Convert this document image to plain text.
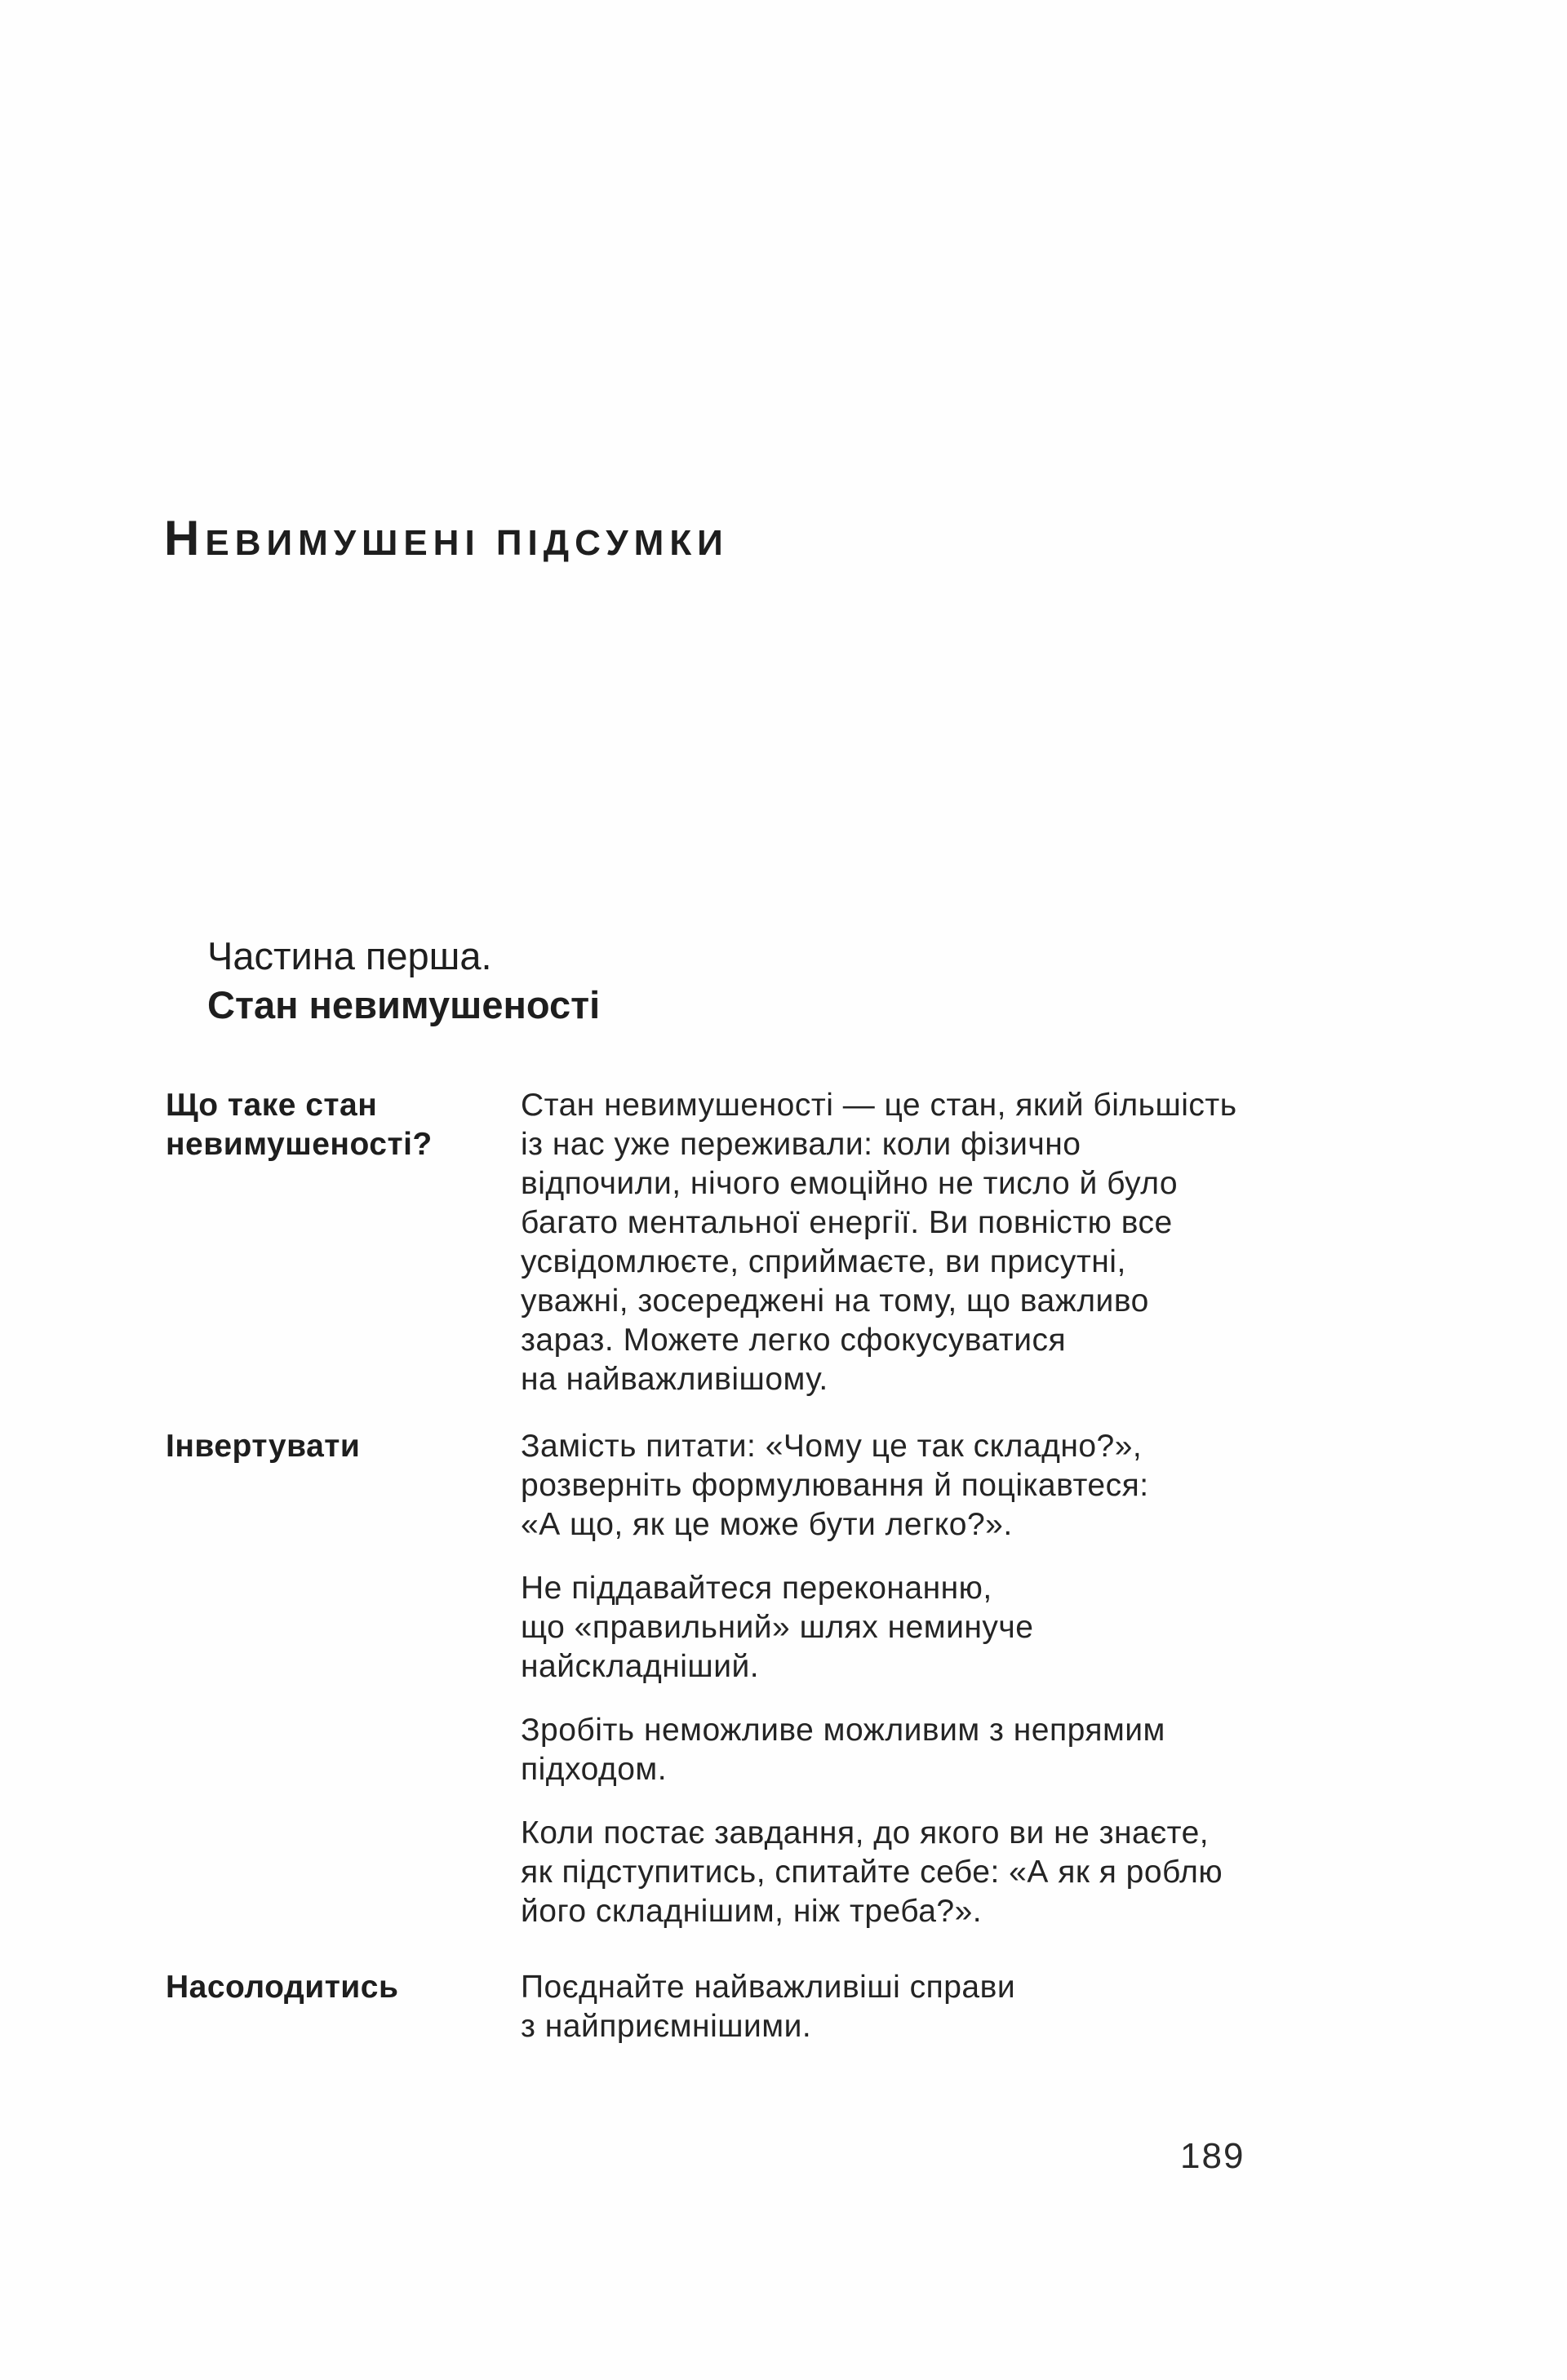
НЕВИМУШЕНІ ПІДСУМКИ
Частина перша.
Стан невимушеності
Що таке стан
невимушеності?

Стан невимушеності — це стан, який більшість
із нас уже переживали: коли фізично
відпочили, нічого емоційно не тисло й було
багато ментальної енергії. Ви повністю все
усвідомлюєте, сприймаєте, ви присутні,
уважні, зосереджені на тому, що важливо
зараз. Можете легко сфокусуватися
на найважливішому.

Інвертувати	Замість питати: «Чому це так складно?»,
розверніть формулювання й поцікавтеся:
«А що, як це може бути легко?».

Не піддавайтеся переконанню,
що «правильний» шлях неминуче
найскладніший.

Зробіть неможливе можливим з непрямим
підходом.

Коли постає завдання, до якого ви не знаєте,
як підступитись, спитайте себе: «А як я роблю
його складнішим, ніж треба?».

Насолодитись	Поєднайте найважливіші справи
з найприємнішими.

189
